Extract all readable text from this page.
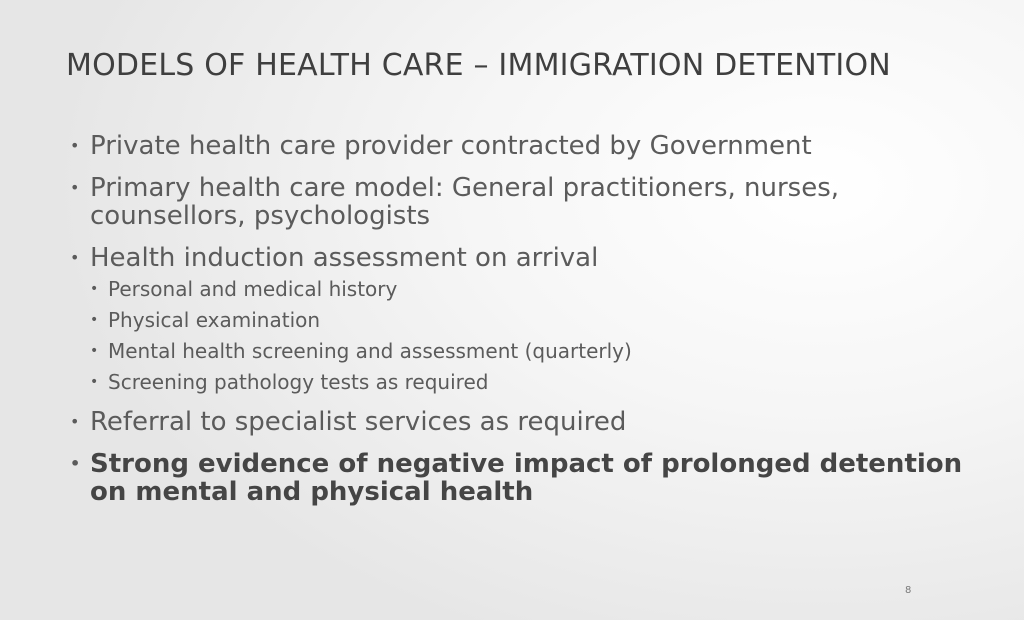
MODELS OF HEALTH CARE – IMMIGRATION DETENTION
• Private health care provider contracted by Government
• Primary health care model: General practitioners, nurses, counsellors, psychologists
• Health induction assessment on arrival
• Personal and medical history
• Physical examination
• Mental health screening and assessment (quarterly)
• Screening pathology tests as required
• Referral to specialist services as required
• Strong evidence of negative impact of prolonged detention on mental and physical health
8
